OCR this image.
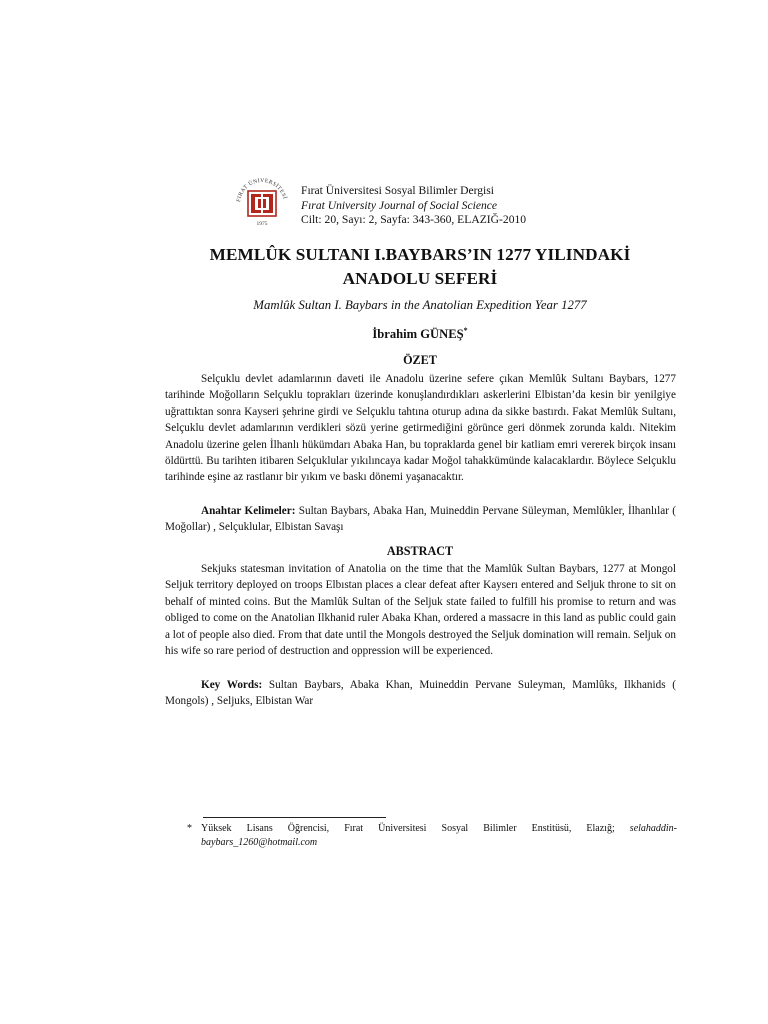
FIRAT ÜNİVERSİTESİ
1975
Fırat Üniversitesi Sosyal Bilimler Dergisi
Fırat University Journal of Social Science
Cilt: 20, Sayı: 2, Sayfa: 343-360, ELAZIĞ-2010
MEMLÛK SULTANI I.BAYBARS’IN 1277 YILINDAKİ
ANADOLU SEFERİ
Mamlûk Sultan I. Baybars in the Anatolian Expedition Year 1277
İbrahim GÜNEŞ*
ÖZET
Selçuklu devlet adamlarının daveti ile Anadolu üzerine sefere çıkan Memlûk Sultanı Baybars, 1277 tarihinde Moğolların Selçuklu toprakları üzerinde konuşlandırdıkları askerlerini Elbistan’da kesin bir yenilgiye uğrattıktan sonra Kayseri şehrine girdi ve Selçuklu tahtına oturup adına da sikke bastırdı. Fakat Memlûk Sultanı, Selçuklu devlet adamlarının verdikleri sözü yerine getirmediğini görünce geri dönmek zorunda kaldı. Nitekim Anadolu üzerine gelen İlhanlı hükümdarı Abaka Han, bu topraklarda genel bir katliam emri vererek birçok insanı öldürttü. Bu tarihten itibaren Selçuklular yıkılıncaya kadar Moğol tahakkümünde kalacaklardır. Böylece Selçuklu tarihinde eşine az rastlanır bir yıkım ve baskı dönemi yaşanacaktır.
Anahtar Kelimeler: Sultan Baybars, Abaka Han, Muineddin Pervane Süleyman, Memlûkler, İlhanlılar ( Moğollar) , Selçuklular, Elbistan Savaşı
ABSTRACT
Sekjuks statesman invitation of Anatolia on the time that the Mamlûk Sultan Baybars, 1277 at Mongol Seljuk territory deployed on troops Elbıstan places a clear defeat after Kayserı entered and Seljuk throne to sit on behalf of minted coins. But the Mamlûk Sultan of the Seljuk state failed to fulfill his promise to return and was obliged to come on the Anatolian Ilkhanid ruler Abaka Khan, ordered a massacre in this land as public could gain a lot of people also died. From that date until the Mongols destroyed the Seljuk domination will remain. Seljuk on his wife so rare period of destruction and oppression will be experienced.
Key Words: Sultan Baybars, Abaka Khan, Muineddin Pervane Suleyman, Mamlûks, Ilkhanids ( Mongols) , Seljuks, Elbistan War
* Yüksek Lisans Öğrencisi, Fırat Üniversitesi Sosyal Bilimler Enstitüsü, Elazığ; selahaddin-baybars_1260@hotmail.com
